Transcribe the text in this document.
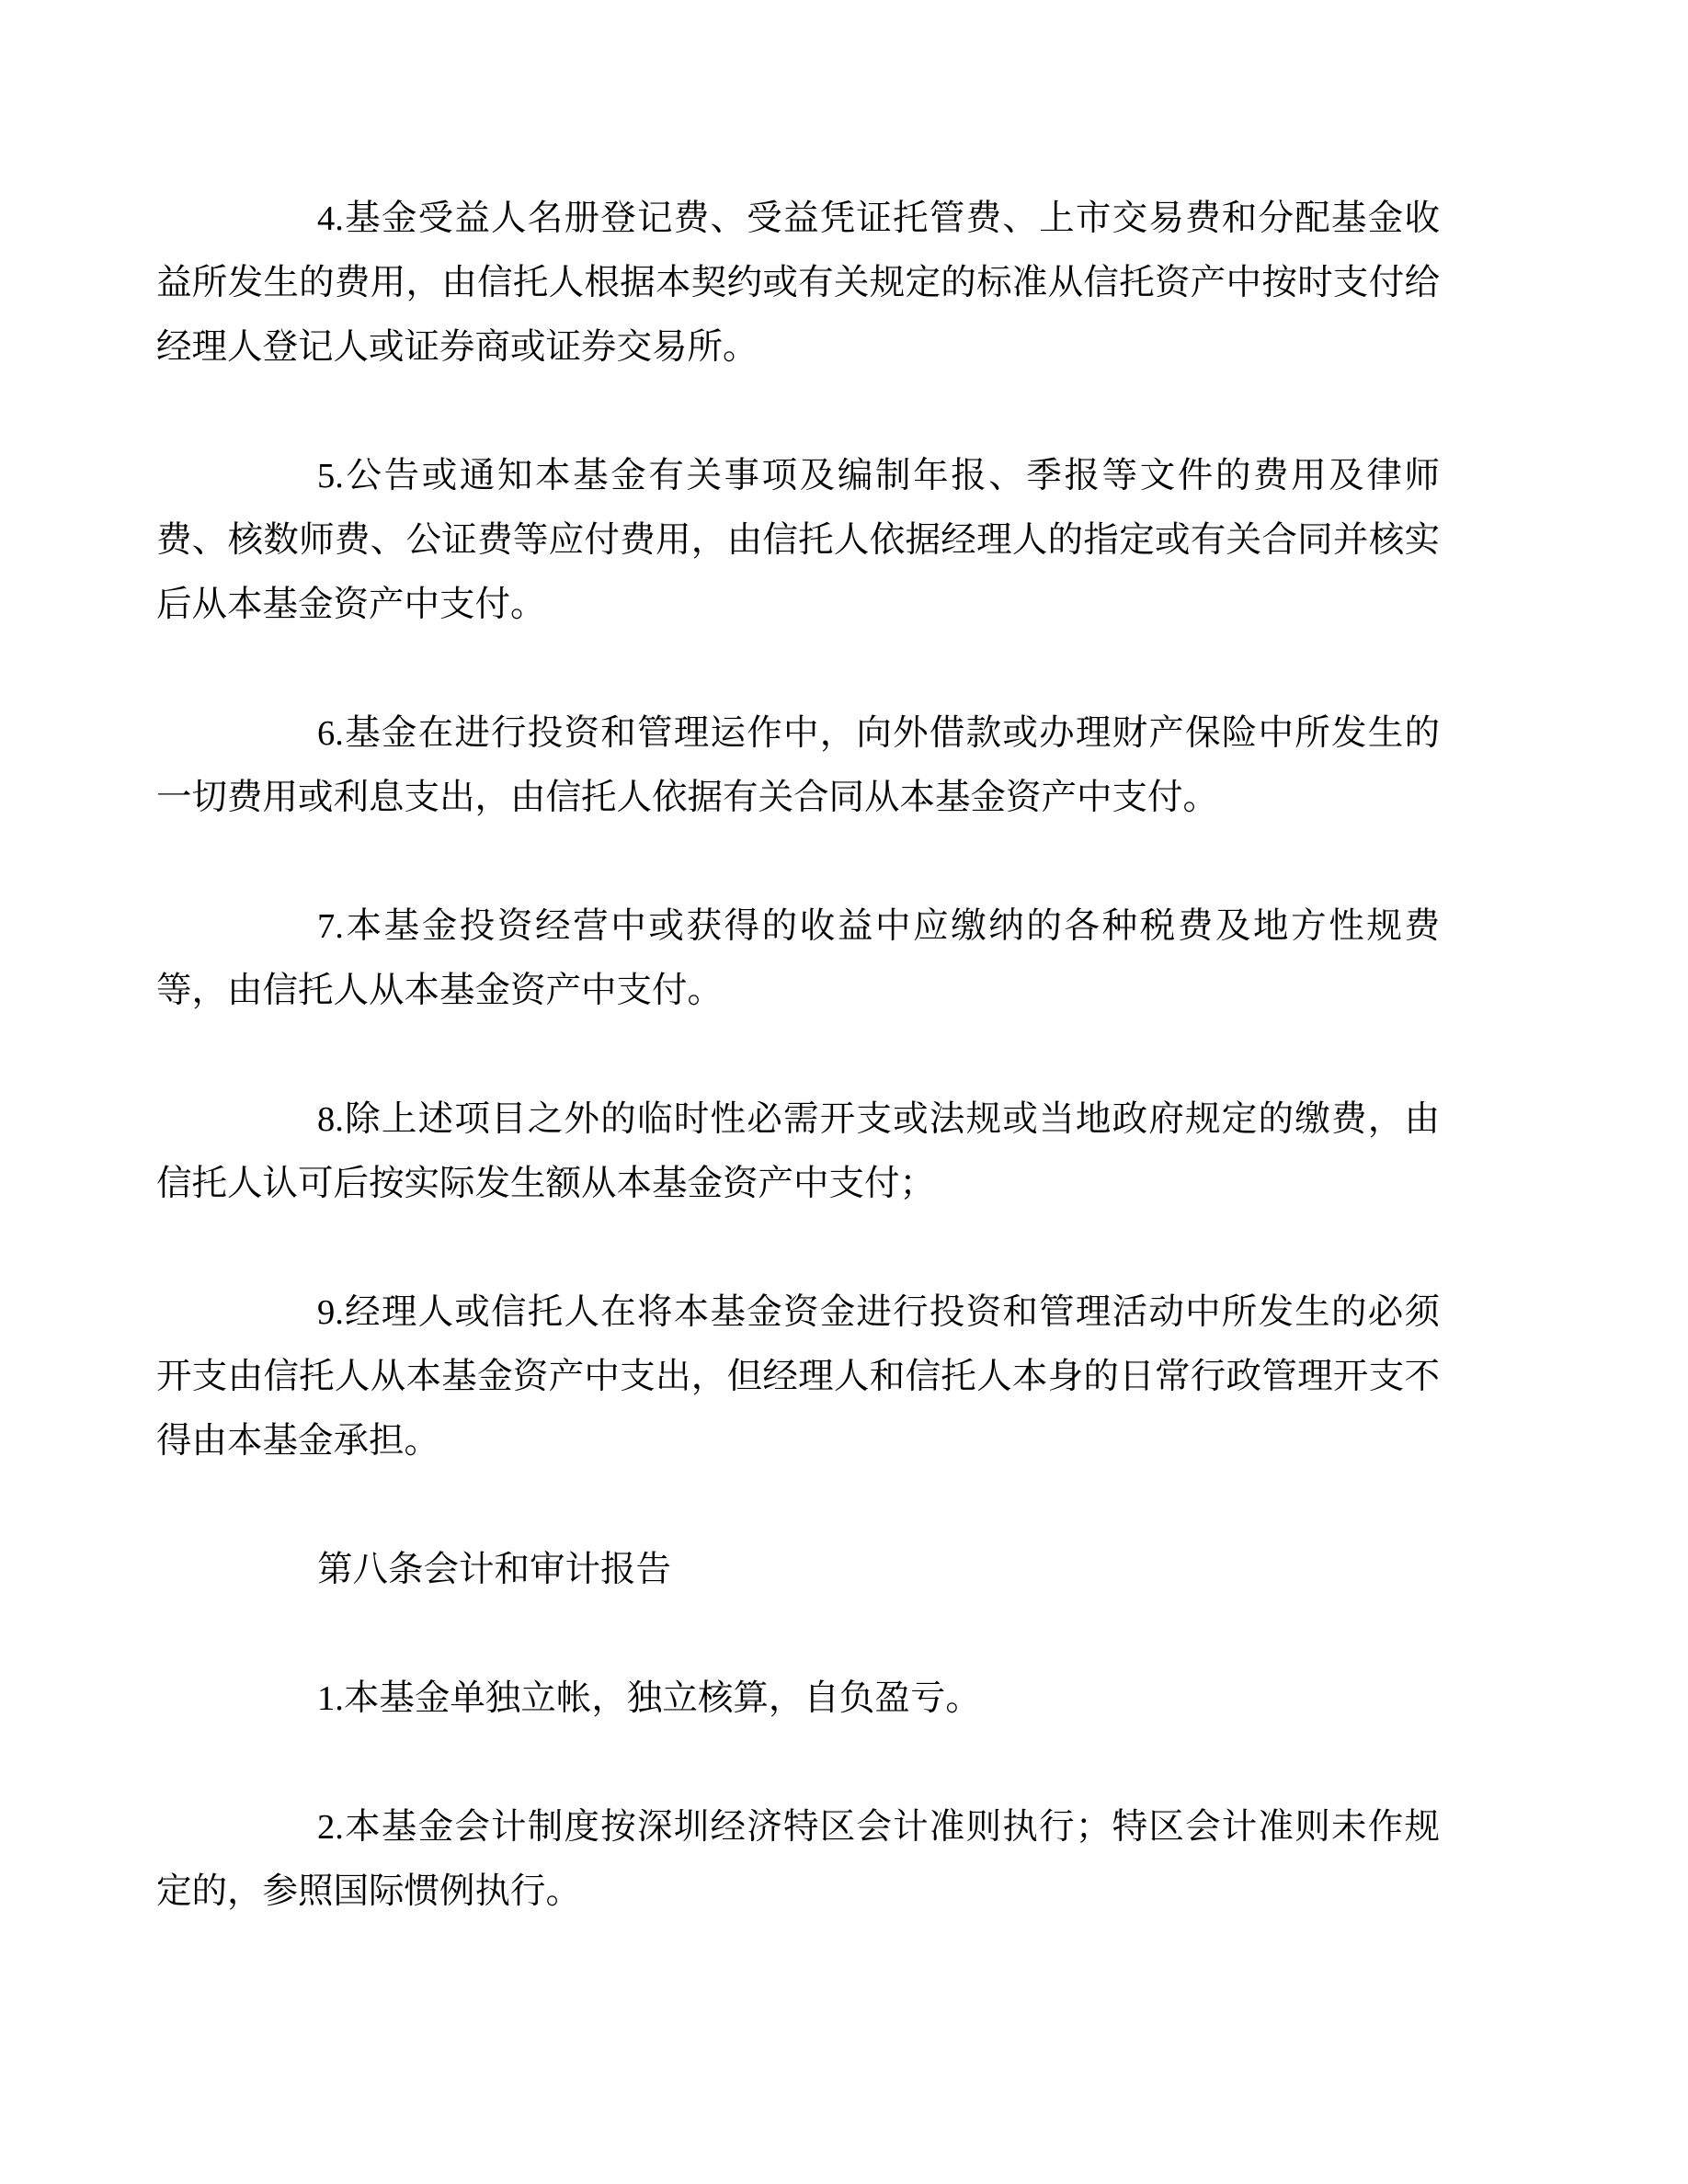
4.基金受益人名册登记费、受益凭证托管费、上市交易费和分配基金收益所发生的费用，由信托人根据本契约或有关规定的标准从信托资产中按时支付给经理人登记人或证券商或证券交易所。

5.公告或通知本基金有关事项及编制年报、季报等文件的费用及律师费、核数师费、公证费等应付费用，由信托人依据经理人的指定或有关合同并核实后从本基金资产中支付。

6.基金在进行投资和管理运作中，向外借款或办理财产保险中所发生的一切费用或利息支出，由信托人依据有关合同从本基金资产中支付。

7.本基金投资经营中或获得的收益中应缴纳的各种税费及地方性规费等，由信托人从本基金资产中支付。

8.除上述项目之外的临时性必需开支或法规或当地政府规定的缴费，由信托人认可后按实际发生额从本基金资产中支付；

9.经理人或信托人在将本基金资金进行投资和管理活动中所发生的必须开支由信托人从本基金资产中支出，但经理人和信托人本身的日常行政管理开支不得由本基金承担。

第八条会计和审计报告

1.本基金单独立帐，独立核算，自负盈亏。

2.本基金会计制度按深圳经济特区会计准则执行；特区会计准则未作规定的，参照国际惯例执行。
